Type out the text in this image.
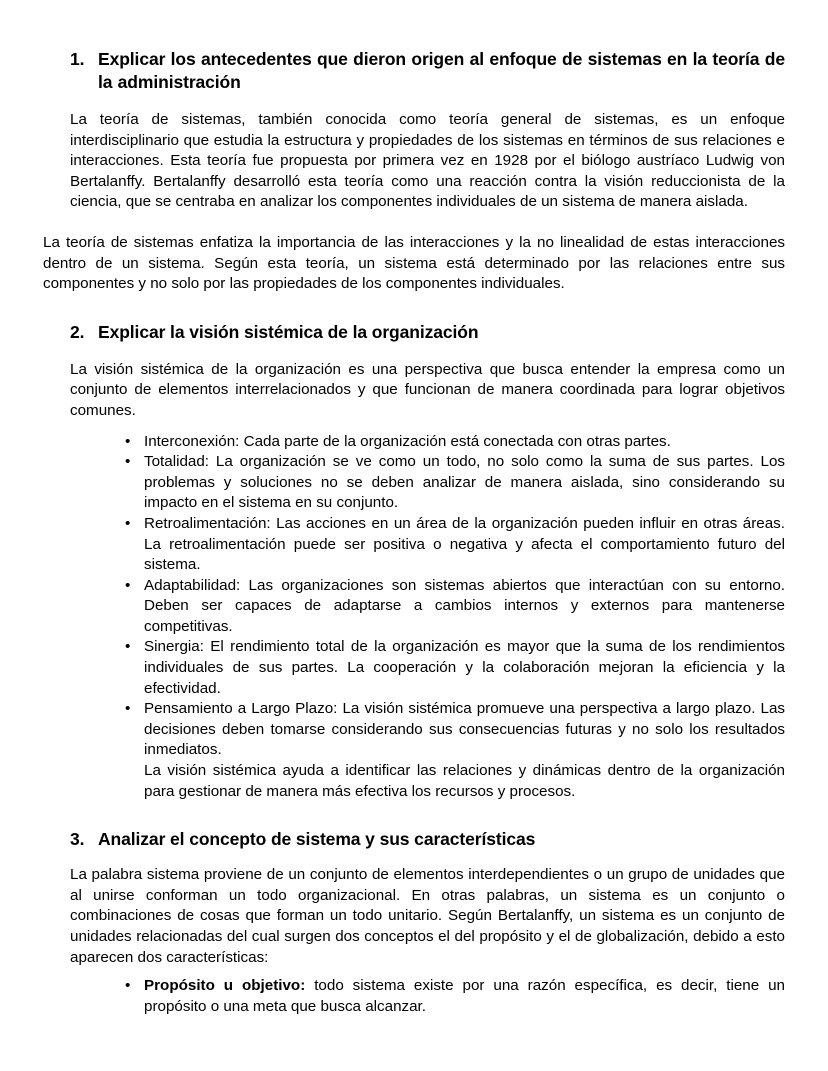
1. Explicar los antecedentes que dieron origen al enfoque de sistemas en la teoría de la administración

La teoría de sistemas, también conocida como teoría general de sistemas, es un enfoque interdisciplinario que estudia la estructura y propiedades de los sistemas en términos de sus relaciones e interacciones. Esta teoría fue propuesta por primera vez en 1928 por el biólogo austríaco Ludwig von Bertalanffy. Bertalanffy desarrolló esta teoría como una reacción contra la visión reduccionista de la ciencia, que se centraba en analizar los componentes individuales de un sistema de manera aislada.

La teoría de sistemas enfatiza la importancia de las interacciones y la no linealidad de estas interacciones dentro de un sistema. Según esta teoría, un sistema está determinado por las relaciones entre sus componentes y no solo por las propiedades de los componentes individuales.

2. Explicar la visión sistémica de la organización

La visión sistémica de la organización es una perspectiva que busca entender la empresa como un conjunto de elementos interrelacionados y que funcionan de manera coordinada para lograr objetivos comunes.

• Interconexión: Cada parte de la organización está conectada con otras partes.
• Totalidad: La organización se ve como un todo, no solo como la suma de sus partes. Los problemas y soluciones no se deben analizar de manera aislada, sino considerando su impacto en el sistema en su conjunto.
• Retroalimentación: Las acciones en un área de la organización pueden influir en otras áreas. La retroalimentación puede ser positiva o negativa y afecta el comportamiento futuro del sistema.
• Adaptabilidad: Las organizaciones son sistemas abiertos que interactúan con su entorno. Deben ser capaces de adaptarse a cambios internos y externos para mantenerse competitivas.
• Sinergia: El rendimiento total de la organización es mayor que la suma de los rendimientos individuales de sus partes. La cooperación y la colaboración mejoran la eficiencia y la efectividad.
• Pensamiento a Largo Plazo: La visión sistémica promueve una perspectiva a largo plazo. Las decisiones deben tomarse considerando sus consecuencias futuras y no solo los resultados inmediatos.
La visión sistémica ayuda a identificar las relaciones y dinámicas dentro de la organización para gestionar de manera más efectiva los recursos y procesos.
3. Analizar el concepto de sistema y sus características

La palabra sistema proviene de un conjunto de elementos interdependientes o un grupo de unidades que al unirse conforman un todo organizacional. En otras palabras, un sistema es un conjunto o combinaciones de cosas que forman un todo unitario. Según Bertalanffy, un sistema es un conjunto de unidades relacionadas del cual surgen dos conceptos el del propósito y el de globalización, debido a esto aparecen dos características:

• Propósito u objetivo: todo sistema existe por una razón específica, es decir, tiene un propósito o una meta que busca alcanzar.
